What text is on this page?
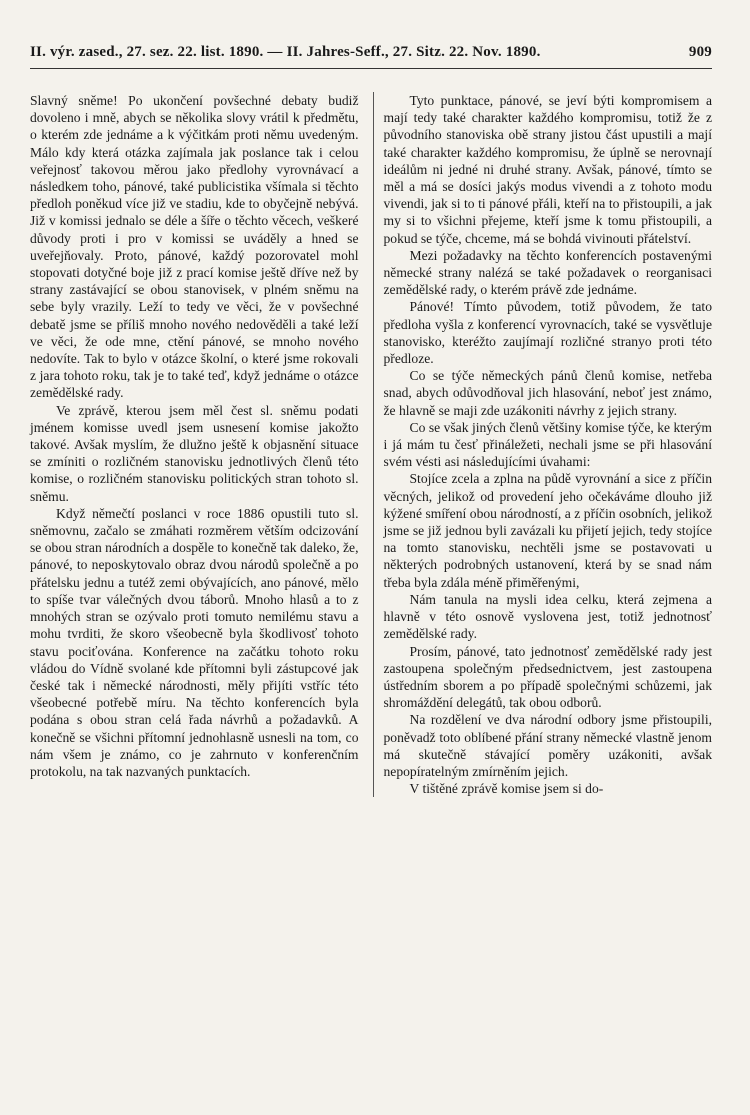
II. výr. zased., 27. sez. 22. list. 1890. — II. Jahres-Seff., 27. Sitz. 22. Nov. 1890.	909

Slavný sněme! Po ukončení povšechné debaty budiž dovoleno i mně, abych se několika slovy vrátil k předmětu, o kterém zde jednáme a k výčitkám proti němu uvedeným. Málo kdy která otázka zajímala jak poslance tak i celou veřejnosť takovou měrou jako předlohy vyrovnávací a následkem toho, pánové, také publicistika všímala si těchto předloh poněkud více již ve stadiu, kde to obyčejně nebývá. Již v komissi jednalo se déle a šíře o těchto věcech, veškeré důvody proti i pro v komissi se uváděly a hned se uveřejňovaly. Proto, pánové, každý pozorovatel mohl stopovati dotyčné boje již z prací komise ještě dříve než by strany zastávající se obou stanovisek, v plném sněmu na sebe byly vrazily. Leží to tedy ve věci, že v povšechné debatě jsme se příliš mnoho nového nedověděli a také leží ve věci, že ode mne, ctění pánové, se mnoho nového nedovíte. Tak to bylo v otázce školní, o které jsme rokovali z jara tohoto roku, tak je to také teď, když jednáme o otázce zemědělské rady.

Ve zprávě, kterou jsem měl čest sl. sněmu podati jménem komisse uvedl jsem usnesení komise jakožto takové. Avšak myslím, že dlužno ještě k objasnění situace se zmíniti o rozličném stanovisku jednotlivých členů této komise, o rozličném stanovisku politických stran tohoto sl. sněmu.

Když němečtí poslanci v roce 1886 opustili tuto sl. sněmovnu, začalo se zmáhati rozměrem větším odcizování se obou stran národních a dospěle to konečně tak daleko, že, pánové, to neposkytovalo obraz dvou národů společně a po přátelsku jednu a tutéž zemi obývajících, ano pánové, mělo to spíše tvar válečných dvou táborů. Mnoho hlasů a to z mnohých stran se ozývalo proti tomuto nemilému stavu a mohu tvrditi, že skoro všeobecně byla škodlivosť tohoto stavu pociťována. Konference na začátku tohoto roku vládou do Vídně svolané kde přítomni byli zástupcové jak české tak i německé národnosti, měly přijíti vstříc této všeobecné potřebě míru. Na těchto konferencích byla podána s obou stran celá řada návrhů a požadavků. A konečně se všichni přítomní jednohlasně usnesli na tom, co nám všem je známo, co je zahrnuto v konferenčním protokolu, na tak nazvaných punktacích.

Tyto punktace, pánové, se jeví býti kompromisem a mají tedy také charakter každého kompromisu, totiž že z původního stanoviska obě strany jistou část upustili a mají také charakter každého kompromisu, že úplně se nerovnají ideálům ni jedné ni druhé strany. Avšak, pánové, tímto se měl a má se dosíci jakýs modus vivendi a z tohoto modu vivendi, jak si to ti pánové přáli, kteří na to přistoupili, a jak my si to všichni přejeme, kteří jsme k tomu přistoupili, a pokud se týče, chceme, má se bohdá vivinouti přátelství.

Mezi požadavky na těchto konferencích postavenými německé strany nalézá se také požadavek o reorganisaci zemědělské rady, o kterém právě zde jednáme.

Pánové! Tímto původem, totiž původem, že tato předloha vyšla z konferencí vyrovnacích, také se vysvětluje stanovisko, kteréžto zaujímají rozličné stranyo proti této předloze.

Co se týče německých pánů členů komise, netřeba snad, abych odůvodňoval jich hlasování, neboť jest známo, že hlavně se maji zde uzákoniti návrhy z jejich strany.

Co se však jiných členů většiny komise týče, ke kterým i já mám tu česť přináležeti, nechali jsme se při hlasování svém vésti asi následujícími úvahami:

Stojíce zcela a zplna na půdě vyrovnání a sice z příčin věcných, jelikož od provedení jeho očekáváme dlouho již kýžené smíření obou národností, a z příčin osobních, jelikož jsme se již jednou byli zavázali ku přijetí jejich, tedy stojíce na tomto stanovisku, nechtěli jsme se postavovati u některých podrobných ustanovení, která by se snad nám třeba byla zdála méně přiměřenými,

Nám tanula na mysli idea celku, která zejmena a hlavně v této osnově vyslovena jest, totiž jednotnosť zemědělské rady.

Prosím, pánové, tato jednotnosť zemědělské rady jest zastoupena společným předsednictvem, jest zastoupena ústředním sborem a po případě společnými schůzemi, jak shromáždění delegátů, tak obou odborů.

Na rozdělení ve dva národní odbory jsme přistoupili, poněvadž toto oblíbené přání strany německé vlastně jenom má skutečně stávající poměry uzákoniti, avšak nepopíratelným zmírněním jejich.

V tištěné zprávě komise jsem si do-
